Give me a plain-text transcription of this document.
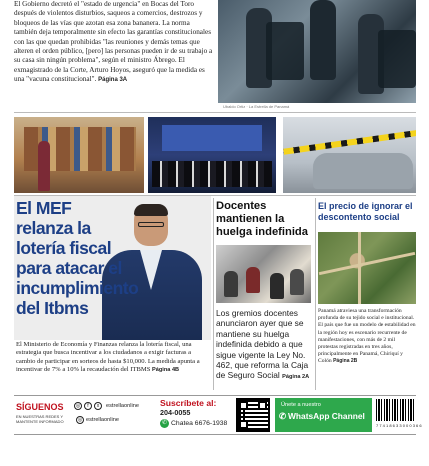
El Gobierno decretó el "estado de urgencia" en Bocas del Toro después de violentos disturbios, saqueos a comercios, destrozos y bloqueos de las vías que azotan esa zona bananera. La norma también deja temporalmente sin efecto las garantías constitucionales con las que quedan prohibidas "las reuniones y demás temas que alteren el orden público, [pero] las personas pueden ir de su trabajo a su casa sin ningún problema", según el ministro Ábrego. El exmagistrado de la Corte, Arturo Hoyos, aseguró que la medida es una "vacuna constitucional". Página 3A
Ubaldo Ortiz · La Estrella de Panamá
El MEF relanza la lotería fiscal para atacar el incumplimiento del Itbms
El Ministerio de Economía y Finanzas relanza la lotería fiscal, una estrategia que busca incentivar a los ciudadanos a exigir facturas a cambio de participar en sorteos de hasta $10,000. La medida apunta a incentivar de 7% a 10% la recaudación del ITBMS Página 4B
Docentes mantienen la huelga indefinida
Los gremios docentes anunciaron ayer que se mantiene su huelga indefinida debido a que sigue vigente la Ley No. 462, que reforma la Caja de Seguro Social Página 2A
El precio de ignorar el descontento social
Panamá atraviesa una transformación profunda de su tejido social e institucional. El país que fue un modelo de estabilidad en la región hoy es escenario recurrente de manifestaciones, con más de 2 mil protestas registradas en tres años, principalmente en Panamá, Chiriquí y Colón Página 2B
SÍGUENOS
EN NUESTRAS REDES Y MANTENTE INFORMADO
◎	f	x	estrellaonline
◎ estrellaonline
Suscríbete al:
204-0055
✆ Chatea 6676-1938
Únete a nuestro
✆ WhatsApp Channel
7 7 4 1 8 6 3 3 0 0 0 3 6 6
